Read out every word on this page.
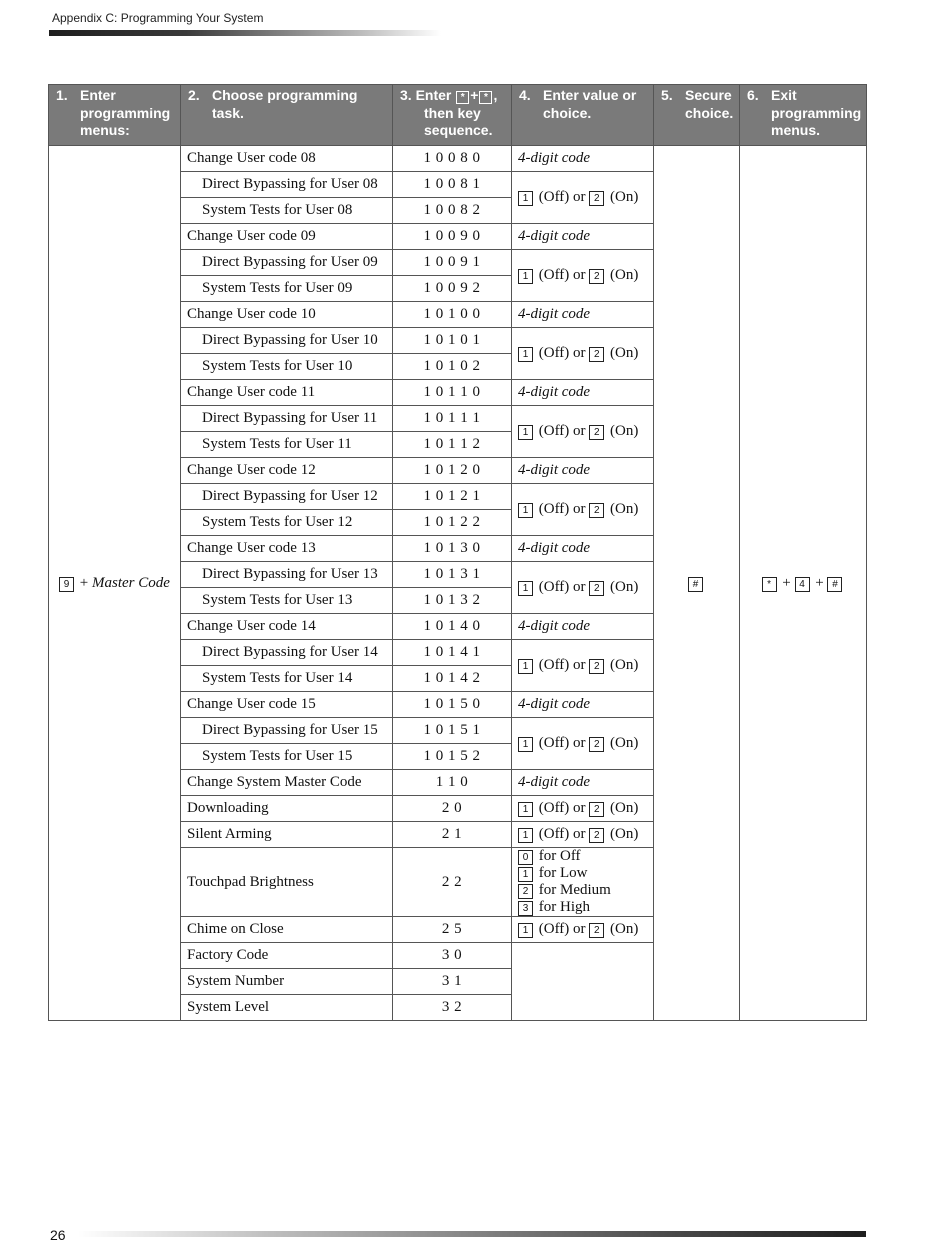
Appendix C: Programming Your System
1. Enter
programming
menus:	2. Choose programming
task.	3. Enter * + * ,
then key
sequence.	4. Enter value or
choice.	5. Secure
choice.	6. Exit
programming
menus.

9 + Master Code	Change User code 08	1 0 0 8 0	4-digit code	#	* + 4 + #
	Direct Bypassing for User 08	1 0 0 8 1	1 (Off) or 2 (On)		
	System Tests for User 08	1 0 0 8 2			
	Change User code 09	1 0 0 9 0	4-digit code		
	Direct Bypassing for User 09	1 0 0 9 1	1 (Off) or 2 (On)		
	System Tests for User 09	1 0 0 9 2			
	Change User code 10	1 0 1 0 0	4-digit code		
	Direct Bypassing for User 10	1 0 1 0 1	1 (Off) or 2 (On)		
	System Tests for User 10	1 0 1 0 2			
	Change User code 11	1 0 1 1 0	4-digit code		
	Direct Bypassing for User 11	1 0 1 1 1	1 (Off) or 2 (On)		
	System Tests for User 11	1 0 1 1 2			
	Change User code 12	1 0 1 2 0	4-digit code		
	Direct Bypassing for User 12	1 0 1 2 1	1 (Off) or 2 (On)		
	System Tests for User 12	1 0 1 2 2			
	Change User code 13	1 0 1 3 0	4-digit code		
	Direct Bypassing for User 13	1 0 1 3 1	1 (Off) or 2 (On)		
	System Tests for User 13	1 0 1 3 2			
	Change User code 14	1 0 1 4 0	4-digit code		
	Direct Bypassing for User 14	1 0 1 4 1	1 (Off) or 2 (On)		
	System Tests for User 14	1 0 1 4 2			
	Change User code 15	1 0 1 5 0	4-digit code		
	Direct Bypassing for User 15	1 0 1 5 1	1 (Off) or 2 (On)		
	System Tests for User 15	1 0 1 5 2			
	Change System Master Code	1 1 0	4-digit code		
	Downloading	2 0	1 (Off) or 2 (On)		
	Silent Arming	2 1	1 (Off) or 2 (On)		
	Touchpad Brightness	2 2	0 for Off
1 for Low
2 for Medium
3 for High		

	Chime on Close	2 5	1 (Off) or 2 (On)		
	Factory Code	3 0			
	System Number	3 1			
	System Level	3 2			
26
